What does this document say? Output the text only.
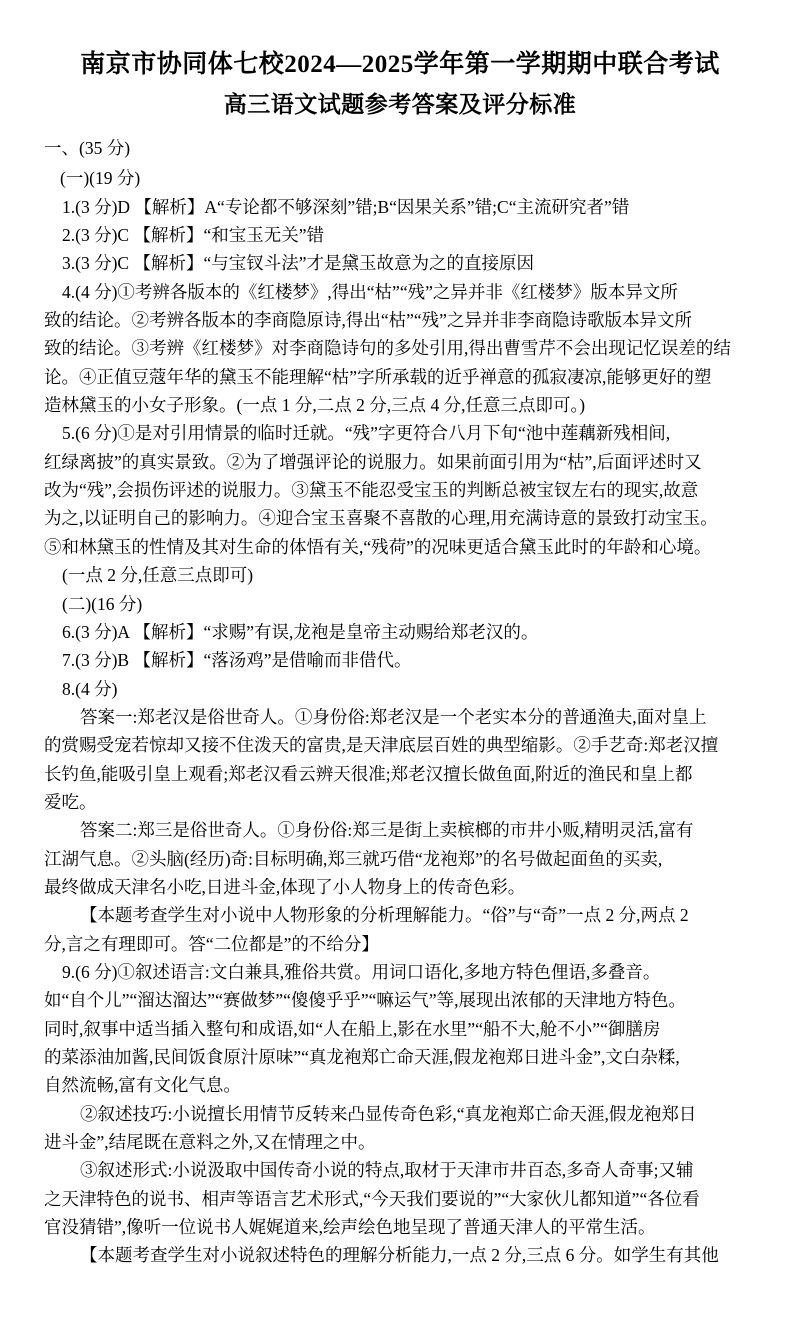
南京市协同体七校2024—2025学年第一学期期中联合考试
高三语文试题参考答案及评分标准
一、(35 分)
(一)(19 分)

1.(3 分)D 【解析】A“专论都不够深刻”错;B“因果关系”错;C“主流研究者”错

2.(3 分)C 【解析】“和宝玉无关”错

3.(3 分)C 【解析】“与宝钗斗法”才是黛玉故意为之的直接原因

4.(4 分)①考辨各版本的《红楼梦》,得出“枯”“残”之异并非《红楼梦》版本异文所

致的结论。②考辨各版本的李商隐原诗,得出“枯”“残”之异并非李商隐诗歌版本异文所

致的结论。③考辨《红楼梦》对李商隐诗句的多处引用,得出曹雪芹不会出现记忆误差的结

论。④正值豆蔻年华的黛玉不能理解“枯”字所承载的近乎禅意的孤寂凄凉,能够更好的塑

造林黛玉的小女子形象。(一点 1 分,二点 2 分,三点 4 分,任意三点即可。)

5.(6 分)①是对引用情景的临时迁就。“残”字更符合八月下旬“池中莲藕新残相间,

红绿离披”的真实景致。②为了增强评论的说服力。如果前面引用为“枯”,后面评述时又

改为“残”,会损伤评述的说服力。③黛玉不能忍受宝玉的判断总被宝钗左右的现实,故意

为之,以证明自己的影响力。④迎合宝玉喜聚不喜散的心理,用充满诗意的景致打动宝玉。

⑤和林黛玉的性情及其对生命的体悟有关,“残荷”的况味更适合黛玉此时的年龄和心境。

(一点 2 分,任意三点即可)

(二)(16 分)

6.(3 分)A 【解析】“求赐”有误,龙袍是皇帝主动赐给郑老汉的。

7.(3 分)B 【解析】“落汤鸡”是借喻而非借代。

8.(4 分)

答案一:郑老汉是俗世奇人。①身份俗:郑老汉是一个老实本分的普通渔夫,面对皇上

的赏赐受宠若惊却又接不住泼天的富贵,是天津底层百姓的典型缩影。②手艺奇:郑老汉擅

长钓鱼,能吸引皇上观看;郑老汉看云辨天很准;郑老汉擅长做鱼面,附近的渔民和皇上都

爱吃。

答案二:郑三是俗世奇人。①身份俗:郑三是街上卖槟榔的市井小贩,精明灵活,富有

江湖气息。②头脑(经历)奇:目标明确,郑三就巧借“龙袍郑”的名号做起面鱼的买卖,

最终做成天津名小吃,日进斗金,体现了小人物身上的传奇色彩。

【本题考查学生对小说中人物形象的分析理解能力。“俗”与“奇”一点 2 分,两点 2

分,言之有理即可。答“二位都是”的不给分】

9.(6 分)①叙述语言:文白兼具,雅俗共赏。用词口语化,多地方特色俚语,多叠音。

如“自个儿”“溜达溜达”“赛做梦”“傻傻乎乎”“嘛运气”等,展现出浓郁的天津地方特色。

同时,叙事中适当插入整句和成语,如“人在船上,影在水里”“船不大,舱不小”“御膳房

的菜添油加酱,民间饭食原汁原味”“真龙袍郑亡命天涯,假龙袍郑日进斗金”,文白杂糅,

自然流畅,富有文化气息。

②叙述技巧:小说擅长用情节反转来凸显传奇色彩,“真龙袍郑亡命天涯,假龙袍郑日

进斗金”,结尾既在意料之外,又在情理之中。

③叙述形式:小说汲取中国传奇小说的特点,取材于天津市井百态,多奇人奇事;又辅

之天津特色的说书、相声等语言艺术形式,“今天我们要说的”“大家伙儿都知道”“各位看

官没猜错”,像听一位说书人娓娓道来,绘声绘色地呈现了普通天津人的平常生活。

【本题考查学生对小说叙述特色的理解分析能力,一点 2 分,三点 6 分。如学生有其他
